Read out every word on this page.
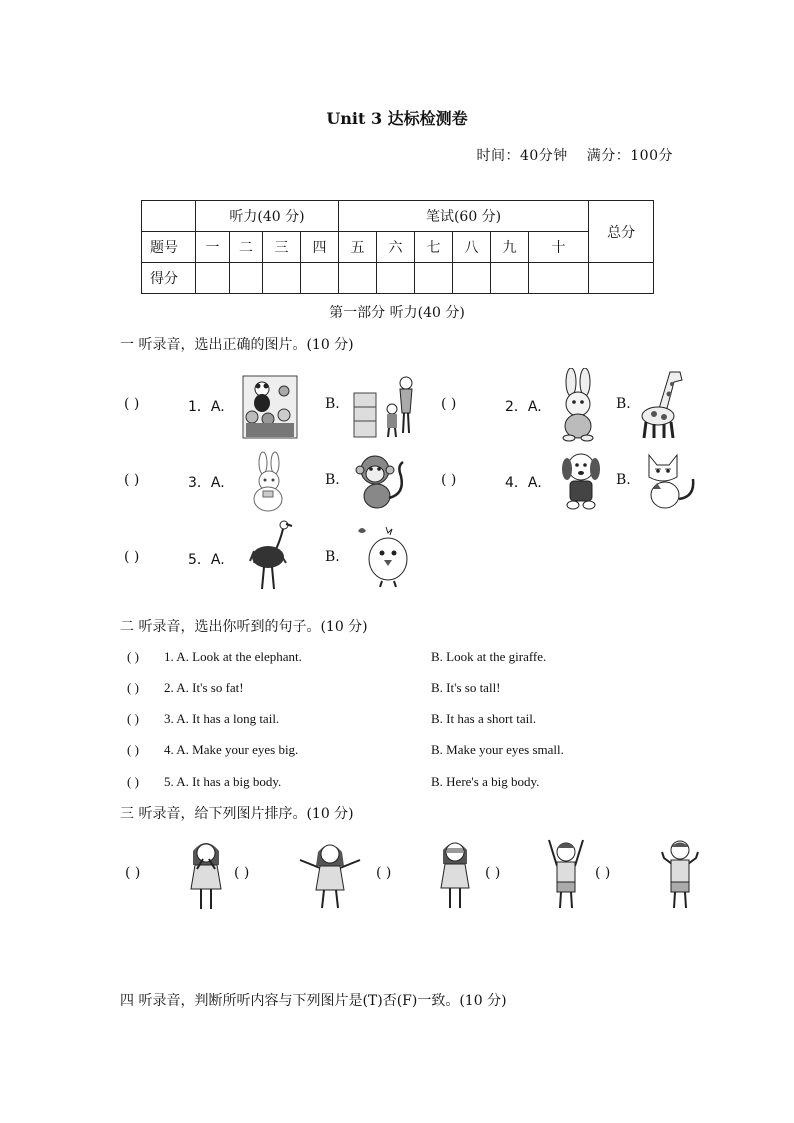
Unit 3 达标检测卷
时间：40分钟 满分：100分
	听力(40 分)				笔试(60 分)						总分
题号	一	二	三	四	五	六	七	八	九	十	
得分											
第一部分 听力(40 分)
一 听录音，选出正确的图片。(10 分)
( )	1．A.	B.	( )	2．A.	B.
( )	3．A.	B.	( )	4．A.	B.
( )	5．A.	B.
二 听录音，选出你听到的句子。(10 分)
( ) 1. A. Look at the elephant.	B. Look at the giraffe.
( ) 2. A. It's so fat!	B. It's so tall!
( ) 3. A. It has a long tail.	B. It has a short tail.
( ) 4. A. Make your eyes big.	B. Make your eyes small.
( ) 5. A. It has a big body.	B. Here's a big body.
三 听录音，给下列图片排序。(10 分)
( )	( )	( )	( )	( )
四 听录音，判断所听内容与下列图片是(T)否(F)一致。(10 分)
